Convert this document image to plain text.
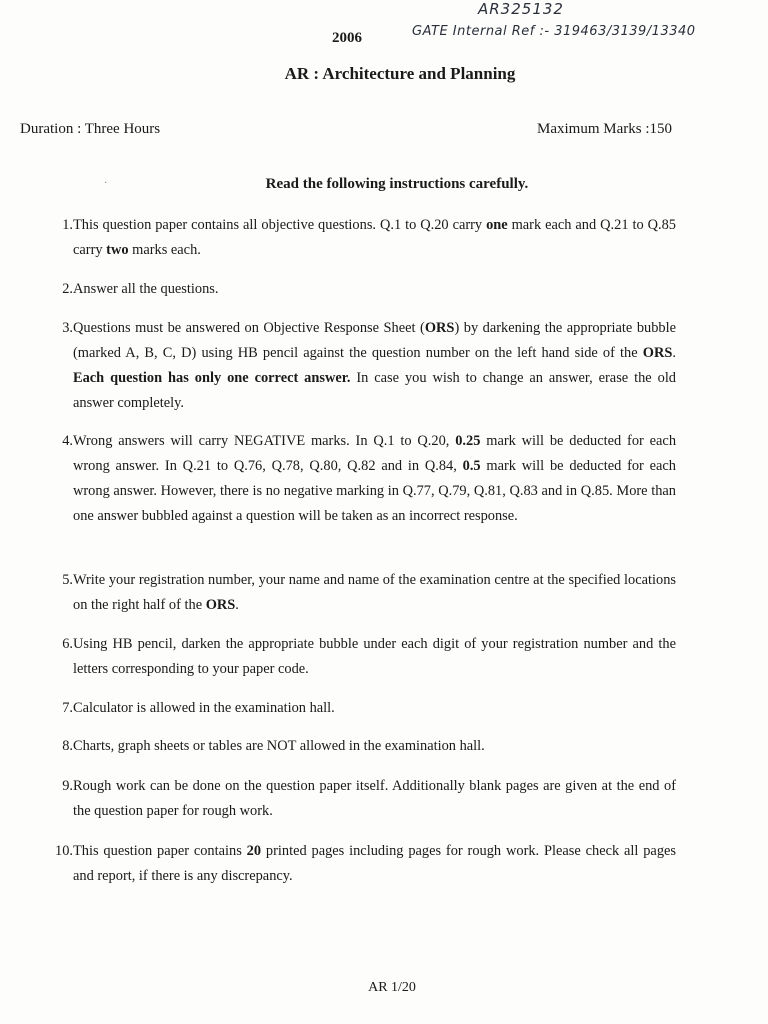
AR325132
GATE Internal Ref :- 319463/3139/13340
2006
AR : Architecture and Planning
Duration : Three Hours	Maximum Marks :150
·	Read the following instructions carefully.
1. This question paper contains all objective questions. Q.1 to Q.20 carry one mark each and Q.21 to Q.85 carry two marks each.
2. Answer all the questions.
3. Questions must be answered on Objective Response Sheet (ORS) by darkening the appropriate bubble (marked A, B, C, D) using HB pencil against the question number on the left hand side of the ORS. Each question has only one correct answer. In case you wish to change an answer, erase the old answer completely.
4. Wrong answers will carry NEGATIVE marks. In Q.1 to Q.20, 0.25 mark will be deducted for each wrong answer. In Q.21 to Q.76, Q.78, Q.80, Q.82 and in Q.84, 0.5 mark will be deducted for each wrong answer. However, there is no negative marking in Q.77, Q.79, Q.81, Q.83 and in Q.85. More than one answer bubbled against a question will be taken as an incorrect response.
5. Write your registration number, your name and name of the examination centre at the specified locations on the right half of the ORS.
6. Using HB pencil, darken the appropriate bubble under each digit of your registration number and the letters corresponding to your paper code.
7. Calculator is allowed in the examination hall.
8. Charts, graph sheets or tables are NOT allowed in the examination hall.
9. Rough work can be done on the question paper itself. Additionally blank pages are given at the end of the question paper for rough work.
10. This question paper contains 20 printed pages including pages for rough work. Please check all pages and report, if there is any discrepancy.
AR 1/20
